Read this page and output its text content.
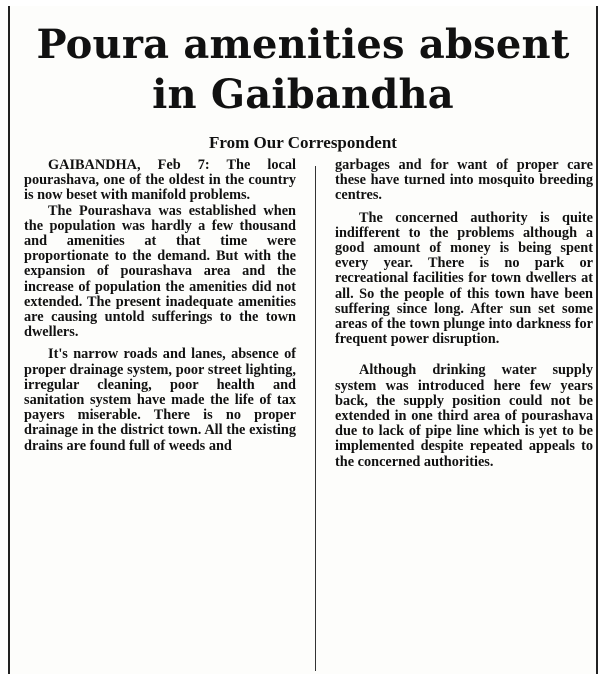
Poura amenities absent
in Gaibandha
From Our Correspondent

GAIBANDHA, Feb 7: The local pourashava, one of the oldest in the country is now beset with manifold problems.

The Pourashava was established when the population was hardly a few thousand and amenities at that time were proportionate to the demand. But with the expansion of pourashava area and the increase of population the amenities did not extended. The present inadequate amenities are causing untold sufferings to the town dwellers.

It's narrow roads and lanes, absence of proper drainage system, poor street lighting, irregular cleaning, poor health and sanitation system have made the life of tax payers miserable. There is no proper drainage in the district town. All the existing drains are found full of weeds and

garbages and for want of proper care these have turned into mosquito breeding centres.

The concerned authority is quite indifferent to the problems although a good amount of money is being spent every year. There is no park or recreational facilities for town dwellers at all. So the people of this town have been suffering since long. After sun set some areas of the town plunge into darkness for frequent power disruption.

Although drinking water supply system was introduced here few years back, the supply position could not be extended in one third area of pourashava due to lack of pipe line which is yet to be implemented despite repeated appeals to the concerned authorities.
